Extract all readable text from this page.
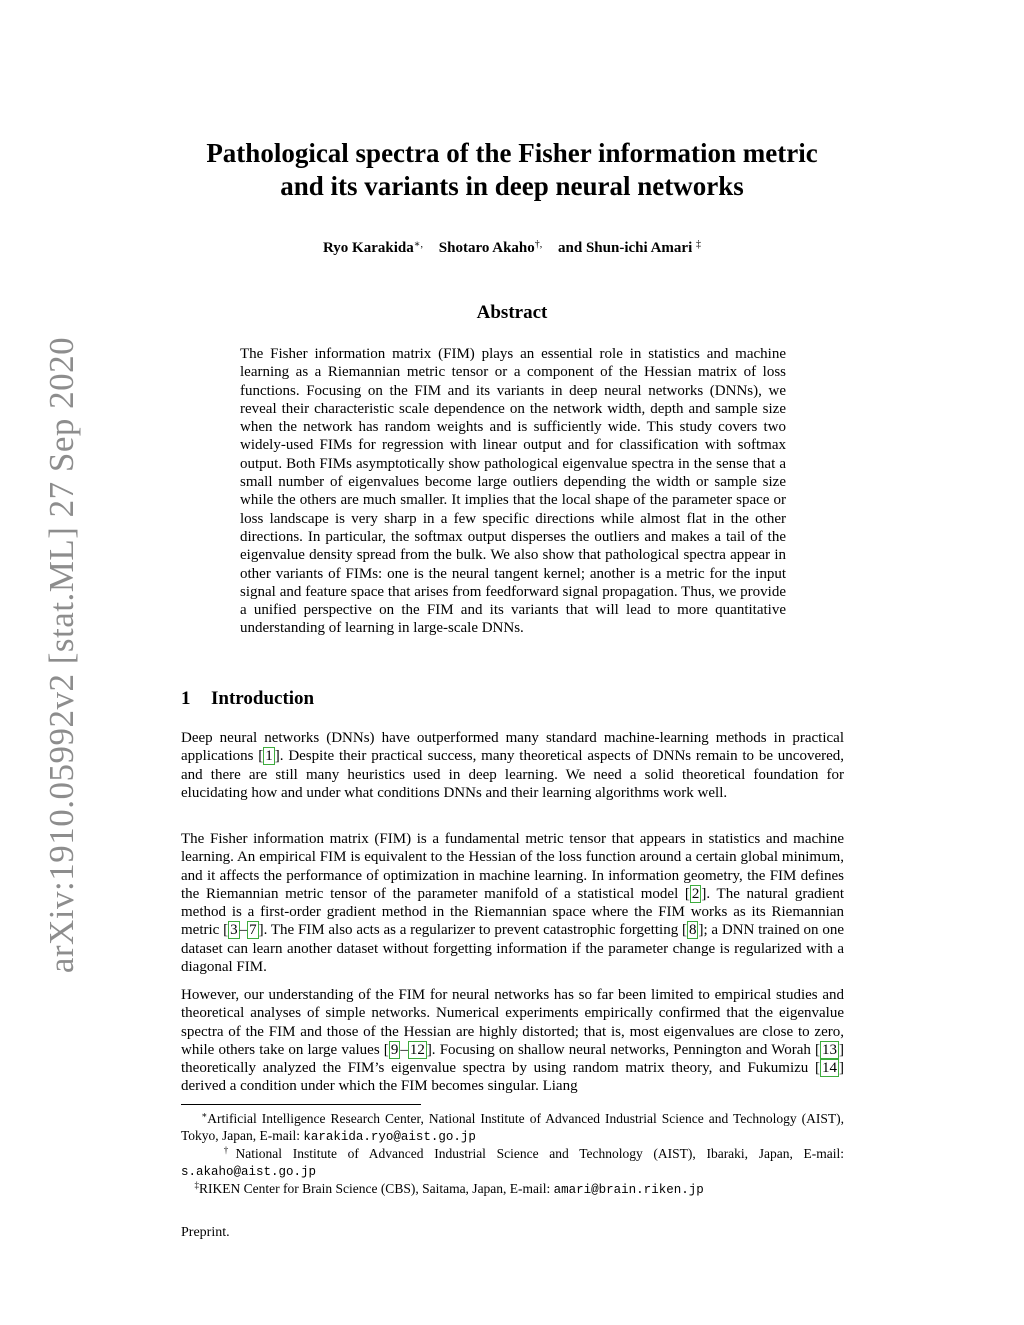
arXiv:1910.05992v2 [stat.ML] 27 Sep 2020
Pathological spectra of the Fisher information metric
and its variants in deep neural networks
Ryo Karakida∗, Shotaro Akaho†, and Shun-ichi Amari ‡
Abstract

The Fisher information matrix (FIM) plays an essential role in statistics and machine learning as a Riemannian metric tensor or a component of the Hessian matrix of loss functions. Focusing on the FIM and its variants in deep neural networks (DNNs), we reveal their characteristic scale dependence on the network width, depth and sample size when the network has random weights and is sufficiently wide. This study covers two widely-used FIMs for regression with linear output and for classification with softmax output. Both FIMs asymptotically show pathological eigenvalue spectra in the sense that a small number of eigenvalues become large outliers depending the width or sample size while the others are much smaller. It implies that the local shape of the parameter space or loss landscape is very sharp in a few specific directions while almost flat in the other directions. In particular, the softmax output disperses the outliers and makes a tail of the eigenvalue density spread from the bulk. We also show that pathological spectra appear in other variants of FIMs: one is the neural tangent kernel; another is a metric for the input signal and feature space that arises from feedforward signal propagation. Thus, we provide a unified perspective on the FIM and its variants that will lead to more quantitative understanding of learning in large-scale DNNs.

1 Introduction

Deep neural networks (DNNs) have outperformed many standard machine-learning methods in practical applications [ 1 ]. Despite their practical success, many theoretical aspects of DNNs remain to be uncovered, and there are still many heuristics used in deep learning. We need a solid theoretical foundation for elucidating how and under what conditions DNNs and their learning algorithms work well.

The Fisher information matrix (FIM) is a fundamental metric tensor that appears in statistics and machine learning. An empirical FIM is equivalent to the Hessian of the loss function around a certain global minimum, and it affects the performance of optimization in machine learning. In information geometry, the FIM defines the Riemannian metric tensor of the parameter manifold of a statistical model [ 2 ]. The natural gradient method is a first-order gradient method in the Riemannian space where the FIM works as its Riemannian metric [ 3 – 7 ]. The FIM also acts as a regularizer to prevent catastrophic forgetting [ 8 ]; a DNN trained on one dataset can learn another dataset without forgetting information if the parameter change is regularized with a diagonal FIM.

However, our understanding of the FIM for neural networks has so far been limited to empirical studies and theoretical analyses of simple networks. Numerical experiments empirically confirmed that the eigenvalue spectra of the FIM and those of the Hessian are highly distorted; that is, most eigenvalues are close to zero, while others take on large values [ 9 – 12 ]. Focusing on shallow neural networks, Pennington and Worah [ 13 ] theoretically analyzed the FIM’s eigenvalue spectra by using random matrix theory, and Fukumizu [ 14 ] derived a condition under which the FIM becomes singular. Liang

∗Artificial Intelligence Research Center, National Institute of Advanced Industrial Science and Technology (AIST), Tokyo, Japan, E-mail: karakida.ryo@aist.go.jp

†National Institute of Advanced Industrial Science and Technology (AIST), Ibaraki, Japan, E-mail: s.akaho@aist.go.jp

‡RIKEN Center for Brain Science (CBS), Saitama, Japan, E-mail: amari@brain.riken.jp

Preprint.
